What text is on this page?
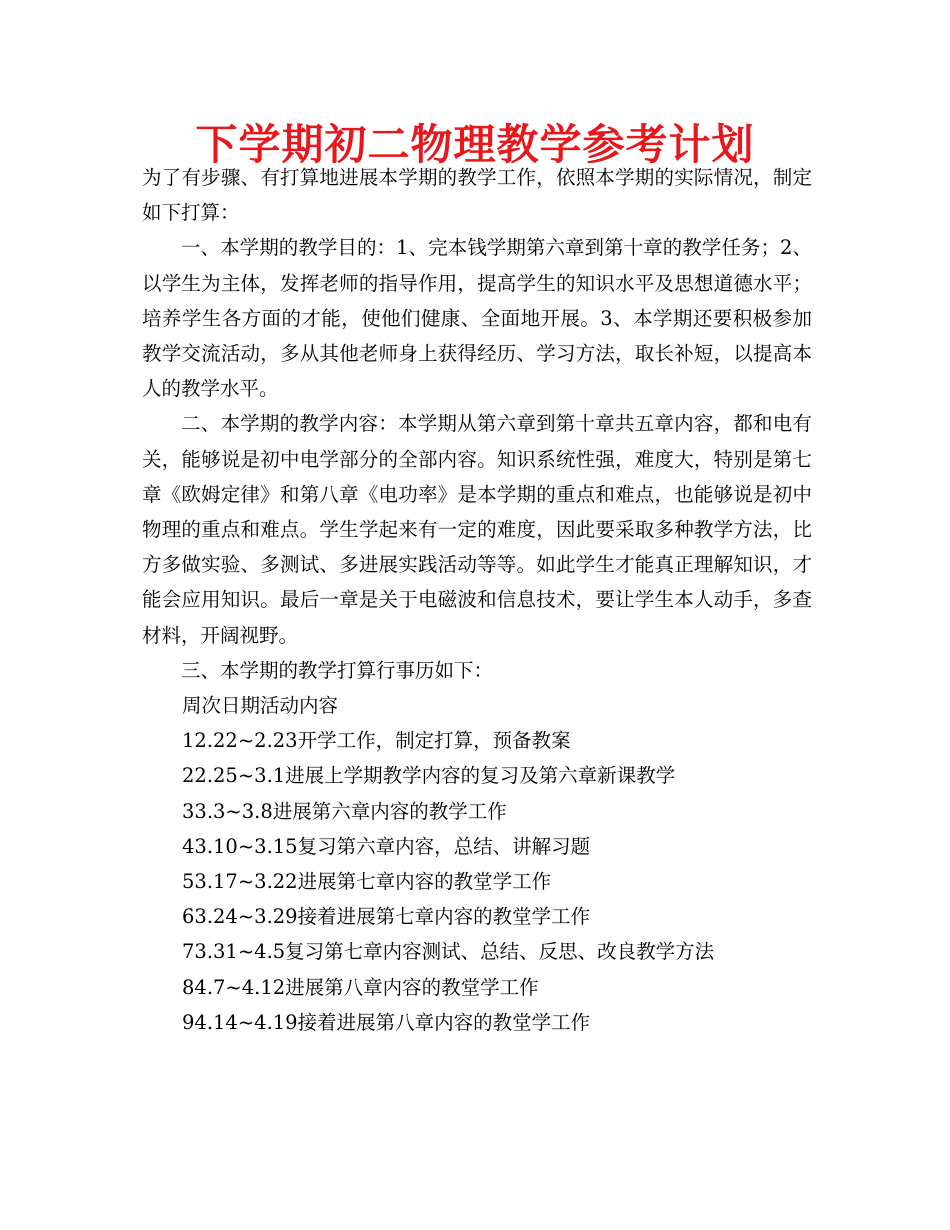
下学期初二物理教学参考计划

为了有步骤、有打算地进展本学期的教学工作，依照本学期的实际情况，制定如下打算：

一、本学期的教学目的：1、完本钱学期第六章到第十章的教学任务；2、以学生为主体，发挥老师的指导作用，提高学生的知识水平及思想道德水平；培养学生各方面的才能，使他们健康、全面地开展。3、本学期还要积极参加教学交流活动，多从其他老师身上获得经历、学习方法，取长补短，以提高本人的教学水平。

二、本学期的教学内容：本学期从第六章到第十章共五章内容，都和电有关，能够说是初中电学部分的全部内容。知识系统性强，难度大，特别是第七章《欧姆定律》和第八章《电功率》是本学期的重点和难点，也能够说是初中物理的重点和难点。学生学起来有一定的难度，因此要采取多种教学方法，比方多做实验、多测试、多进展实践活动等等。如此学生才能真正理解知识，才能会应用知识。最后一章是关于电磁波和信息技术，要让学生本人动手，多查材料，开阔视野。

三、本学期的教学打算行事历如下：

周次日期活动内容
12.22~2.23开学工作，制定打算，预备教案
22.25~3.1进展上学期教学内容的复习及第六章新课教学
33.3~3.8进展第六章内容的教学工作
43.10~3.15复习第六章内容，总结、讲解习题
53.17~3.22进展第七章内容的教堂学工作
63.24~3.29接着进展第七章内容的教堂学工作
73.31~4.5复习第七章内容测试、总结、反思、改良教学方法
84.7~4.12进展第八章内容的教堂学工作
94.14~4.19接着进展第八章内容的教堂学工作
